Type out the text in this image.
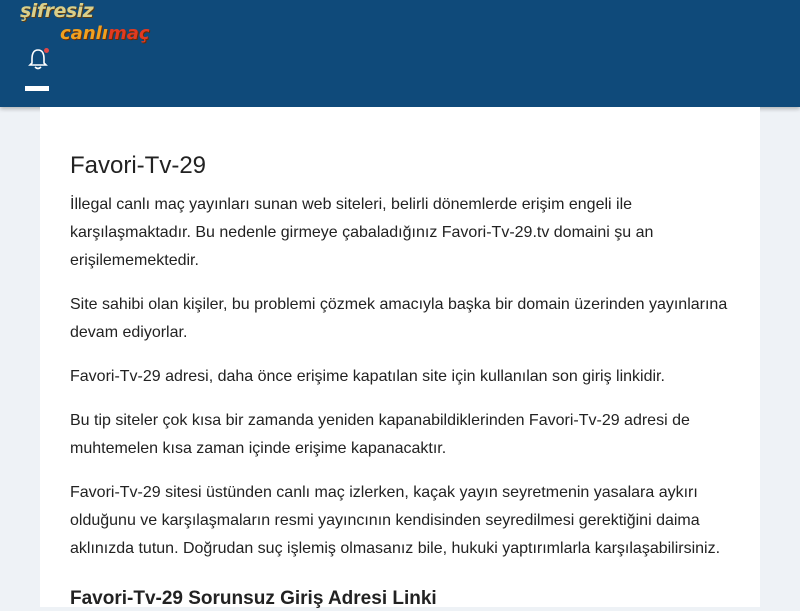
şifresiz
canlımaç
Favori-Tv-29

İllegal canlı maç yayınları sunan web siteleri, belirli dönemlerde erişim engeli ile karşılaşmaktadır. Bu nedenle girmeye çabaladığınız Favori-Tv-29.tv domaini şu an erişilememektedir.

Site sahibi olan kişiler, bu problemi çözmek amacıyla başka bir domain üzerinden yayınlarına devam ediyorlar.

Favori-Tv-29 adresi, daha önce erişime kapatılan site için kullanılan son giriş linkidir.

Bu tip siteler çok kısa bir zamanda yeniden kapanabildiklerinden Favori-Tv-29 adresi de muhtemelen kısa zaman içinde erişime kapanacaktır.

Favori-Tv-29 sitesi üstünden canlı maç izlerken, kaçak yayın seyretmenin yasalara aykırı olduğunu ve karşılaşmaların resmi yayıncının kendisinden seyredilmesi gerektiğini daima aklınızda tutun. Doğrudan suç işlemiş olmasanız bile, hukuki yaptırımlarla karşılaşabilirsiniz.

Favori-Tv-29 Sorunsuz Giriş Adresi Linki
